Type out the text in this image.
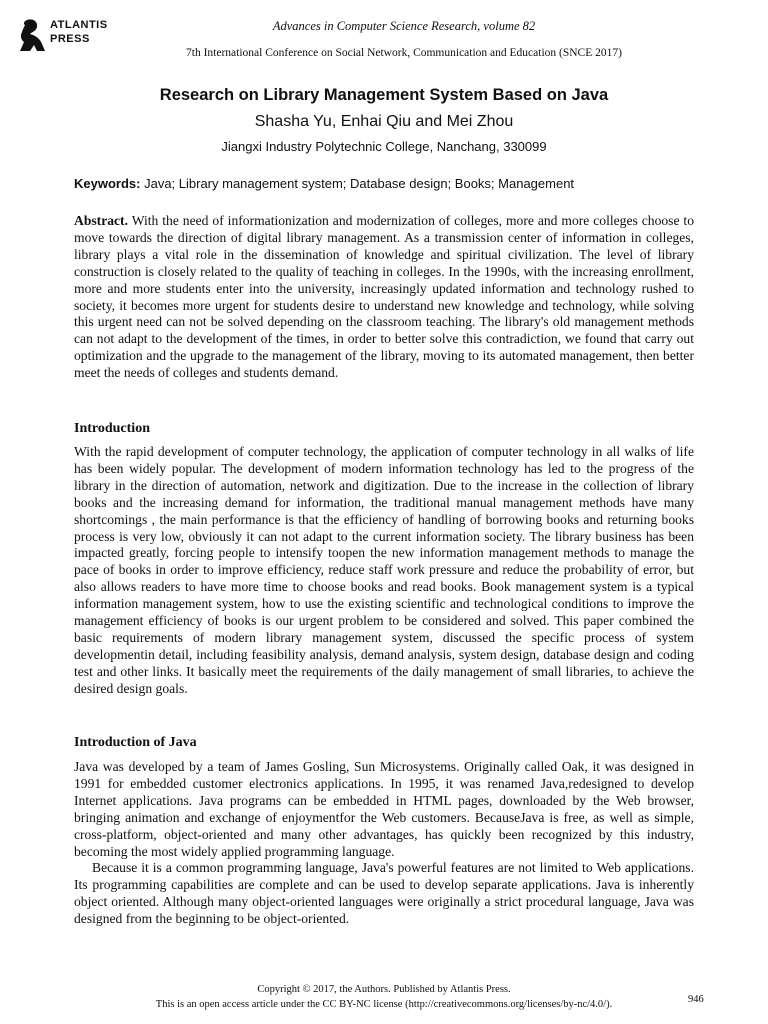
ATLANTIS
PRESS
Advances in Computer Science Research, volume 82
7th International Conference on Social Network, Communication and Education (SNCE 2017)
Research on Library Management System Based on Java
Shasha Yu, Enhai Qiu and Mei Zhou
Jiangxi Industry Polytechnic College, Nanchang, 330099
Keywords: Java; Library management system; Database design; Books; Management

Abstract. With the need of informationization and modernization of colleges, more and more colleges choose to move towards the direction of digital library management. As a transmission center of information in colleges, library plays a vital role in the dissemination of knowledge and spiritual civilization. The level of library construction is closely related to the quality of teaching in colleges. In the 1990s, with the increasing enrollment, more and more students enter into the university, increasingly updated information and technology rushed to society, it becomes more urgent for students desire to understand new knowledge and technology, while solving this urgent need can not be solved depending on the classroom teaching. The library's old management methods can not adapt to the development of the times, in order to better solve this contradiction, we found that carry out optimization and the upgrade to the management of the library, moving to its automated management, then better meet the needs of colleges and students demand.

Introduction

With the rapid development of computer technology, the application of computer technology in all walks of life has been widely popular. The development of modern information technology has led to the progress of the library in the direction of automation, network and digitization. Due to the increase in the collection of library books and the increasing demand for information, the traditional manual management methods have many shortcomings , the main performance is that the efficiency of handling of borrowing books and returning books process is very low, obviously it can not adapt to the current information society. The library business has been impacted greatly, forcing people to intensify toopen the new information management methods to manage the pace of books in order to improve efficiency, reduce staff work pressure and reduce the probability of error, but also allows readers to have more time to choose books and read books. Book management system is a typical information management system, how to use the existing scientific and technological conditions to improve the management efficiency of books is our urgent problem to be considered and solved. This paper combined the basic requirements of modern library management system, discussed the specific process of system developmentin detail, including feasibility analysis, demand analysis, system design, database design and coding test and other links. It basically meet the requirements of the daily management of small libraries, to achieve the desired design goals.

Introduction of Java

Java was developed by a team of James Gosling, Sun Microsystems. Originally called Oak, it was designed in 1991 for embedded customer electronics applications. In 1995, it was renamed Java,redesigned to develop Internet applications. Java programs can be embedded in HTML pages, downloaded by the Web browser, bringing animation and exchange of enjoymentfor the Web customers. BecauseJava is free, as well as simple, cross-platform, object-oriented and many other advantages, has quickly been recognized by this industry, becoming the most widely applied programming language.

Because it is a common programming language, Java's powerful features are not limited to Web applications. Its programming capabilities are complete and can be used to develop separate applications. Java is inherently object oriented. Although many object-oriented languages were originally a strict procedural language, Java was designed from the beginning to be object-oriented.

Copyright © 2017, the Authors. Published by Atlantis Press.
This is an open access article under the CC BY-NC license (http://creativecommons.org/licenses/by-nc/4.0/).	946
